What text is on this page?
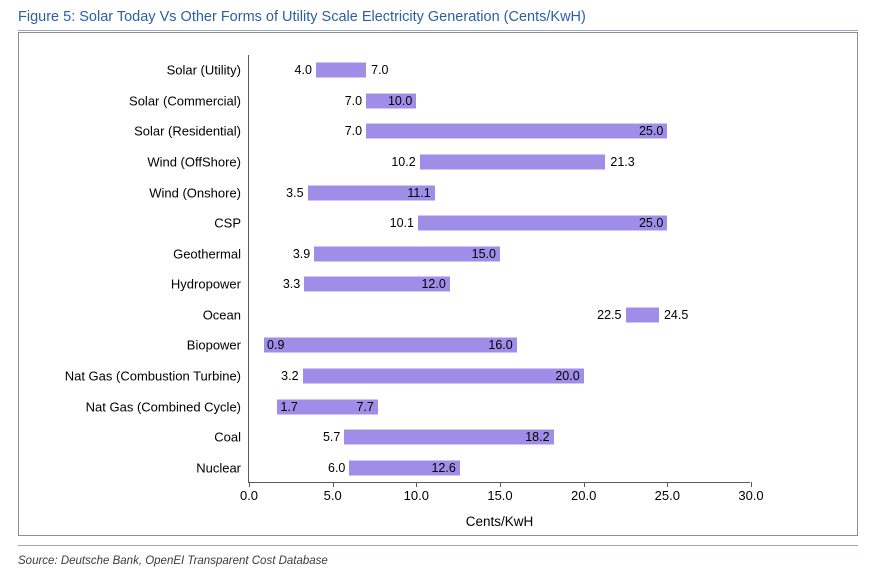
Figure 5: Solar Today Vs Other Forms of Utility Scale Electricity Generation (Cents/KwH)
0.0	5.0	10.0	15.0	20.0	25.0	30.0
Cents/KwH
Solar (Utility)	4.0	7.0
Solar (Commercial)	7.0 10.0
Solar (Residential)	7.0	25.0
Wind (OffShore)	10.2	21.3
Wind (Onshore)	3.5	11.1
CSP	10.1	25.0
Geothermal	3.9	15.0
Hydropower	3.3	12.0
Ocean	22.5	24.5
Biopower 0.9	16.0
Nat Gas (Combustion Turbine)	3.2	20.0
Nat Gas (Combined Cycle)	1.7	7.7
Coal	5.7	18.2
Nuclear	6.0	12.6
Source: Deutsche Bank, OpenEI Transparent Cost Database
